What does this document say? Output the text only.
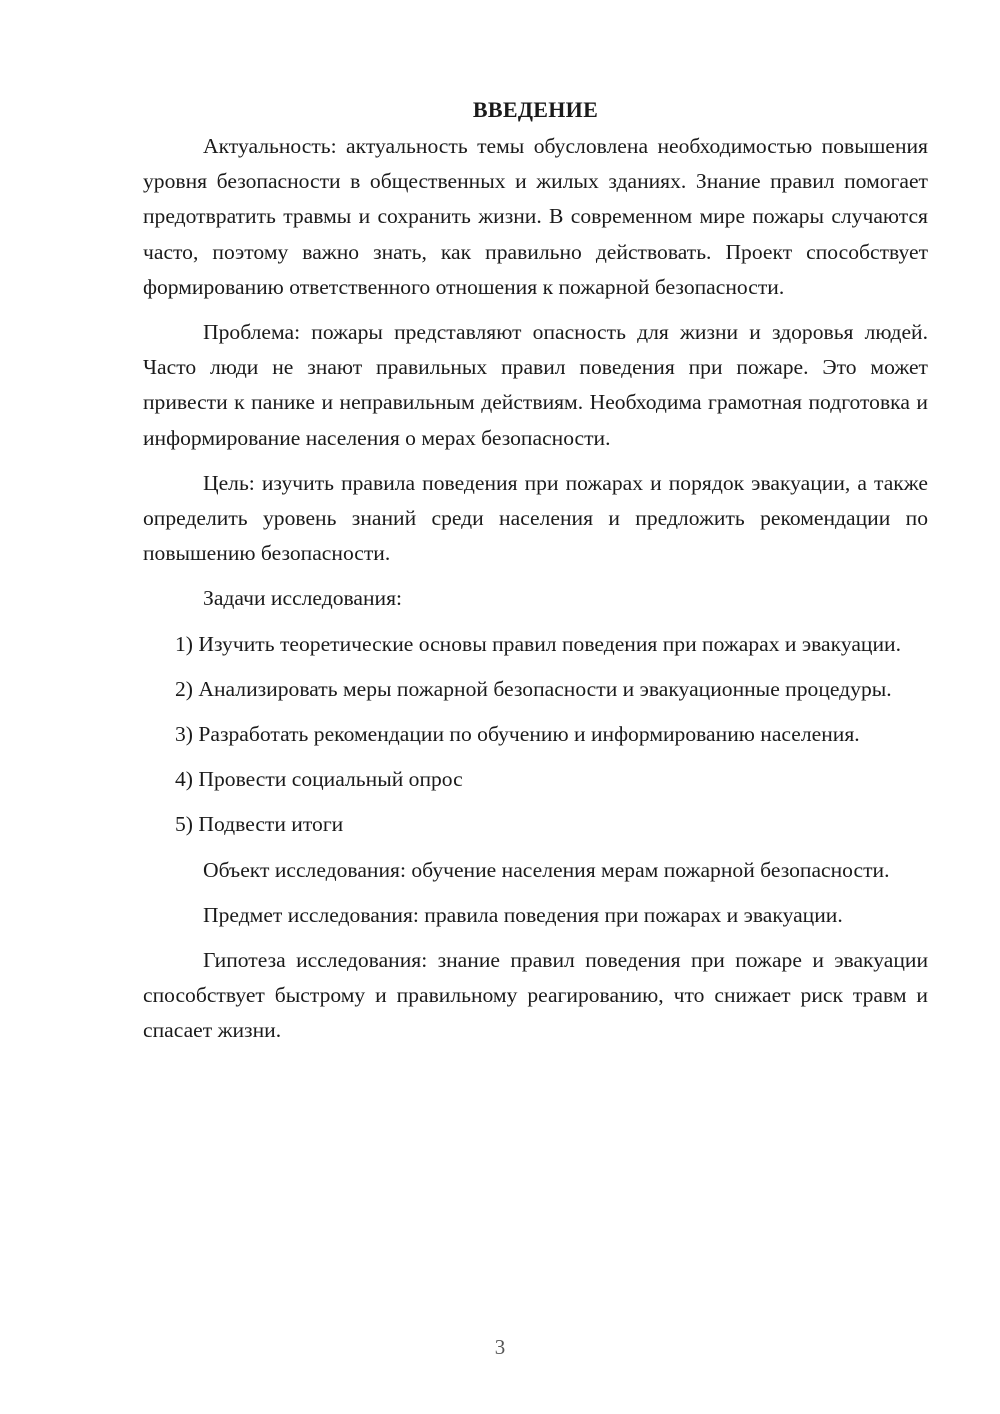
ВВЕДЕНИЕ

Актуальность: актуальность темы обусловлена необходимостью повышения уровня безопасности в общественных и жилых зданиях. Знание правил помогает предотвратить травмы и сохранить жизни. В современном мире пожары случаются часто, поэтому важно знать, как правильно действовать. Проект способствует формированию ответственного отношения к пожарной безопасности.

Проблема: пожары представляют опасность для жизни и здоровья людей. Часто люди не знают правильных правил поведения при пожаре. Это может привести к панике и неправильным действиям. Необходима грамотная подготовка и информирование населения о мерах безопасности.

Цель: изучить правила поведения при пожарах и порядок эвакуации, а также определить уровень знаний среди населения и предложить рекомендации по повышению безопасности.

Задачи исследования:

1) Изучить теоретические основы правил поведения при пожарах и эвакуации.

2) Анализировать меры пожарной безопасности и эвакуационные процедуры.

3) Разработать рекомендации по обучению и информированию населения.

4) Провести социальный опрос

5) Подвести итоги

Объект исследования: обучение населения мерам пожарной безопасности.

Предмет исследования: правила поведения при пожарах и эвакуации.

Гипотеза исследования: знание правил поведения при пожаре и эвакуации способствует быстрому и правильному реагированию, что снижает риск травм и спасает жизни.

3
